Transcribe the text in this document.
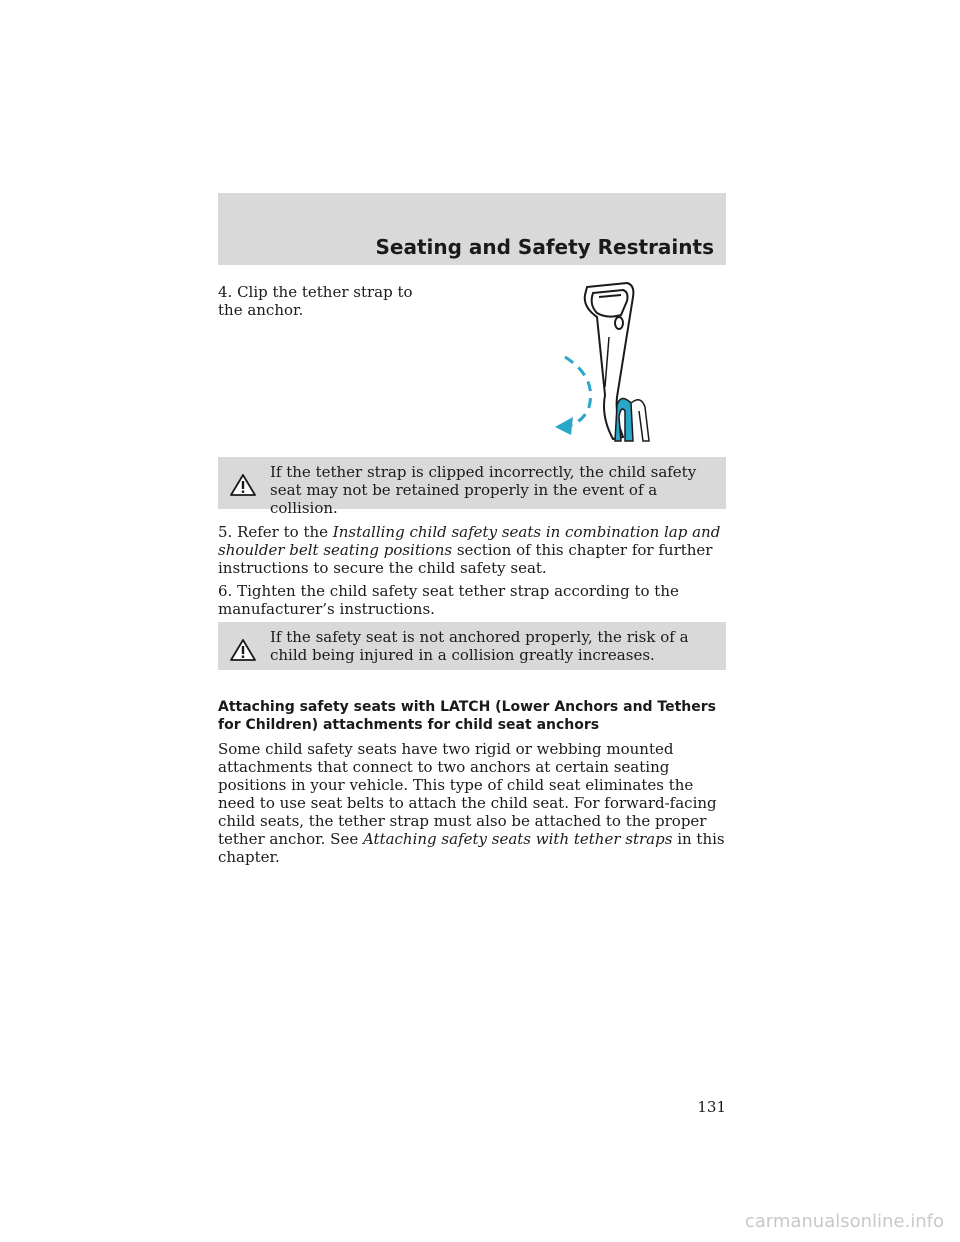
Seating and Safety Restraints
4. Clip the tether strap to the anchor.
If the tether strap is clipped incorrectly, the child safety seat may not be retained properly in the event of a collision.
5. Refer to the Installing child safety seats in combination lap and shoulder belt seating positions section of this chapter for further instructions to secure the child safety seat.
6. Tighten the child safety seat tether strap according to the manufacturer’s instructions.
If the safety seat is not anchored properly, the risk of a child being injured in a collision greatly increases.
Attaching safety seats with LATCH (Lower Anchors and Tethers for Children) attachments for child seat anchors
Some child safety seats have two rigid or webbing mounted attachments that connect to two anchors at certain seating positions in your vehicle. This type of child seat eliminates the need to use seat belts to attach the child seat. For forward-facing child seats, the tether strap must also be attached to the proper tether anchor. See Attaching safety seats with tether straps in this chapter.
131
carmanualsonline.info
